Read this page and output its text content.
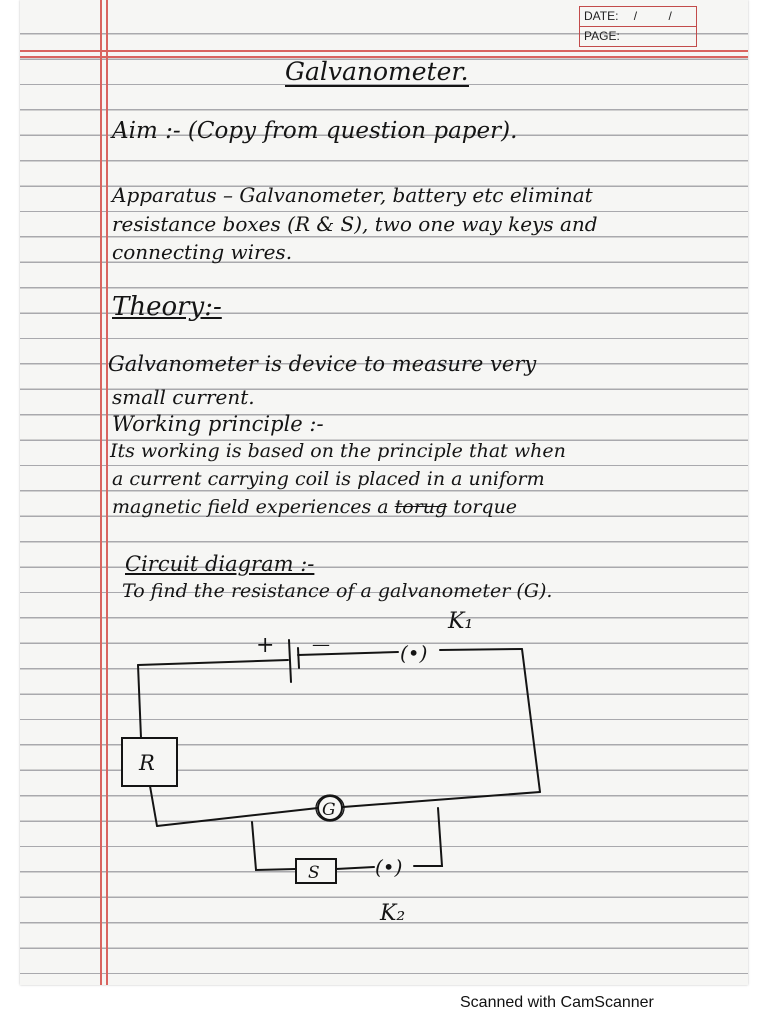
DATE: / /
PAGE:
Galvanometer.
Aim :- (Copy from question paper).
Apparatus – Galvanometer, battery etc eliminat
resistance boxes (R & S), two one way keys and
connecting wires.
Theory:-
Galvanometer is device to measure very
small current.
Working principle :-
Its working is based on the principle that when
a current carrying coil is placed in a uniform
magnetic field experiences a torug torque
Circuit diagram :-
To find the resistance of a galvanometer (G).
R
G
S
+ —	(•)
K₁
(•)
K₂
Scanned with CamScanner
